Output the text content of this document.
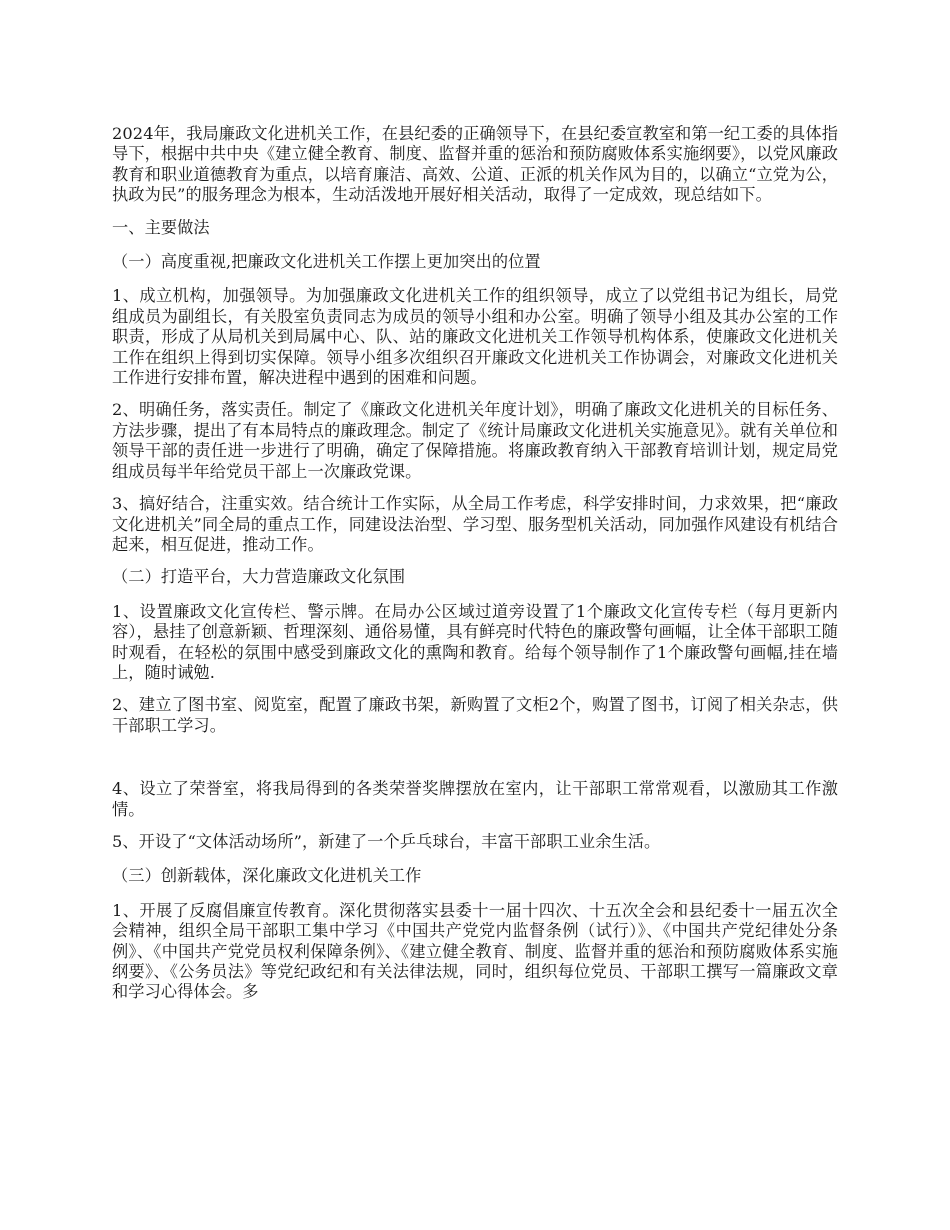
2024年，我局廉政文化进机关工作，在县纪委的正确领导下，在县纪委宣教室和第一纪工委的具体指导下，根据中共中央《建立健全教育、制度、监督并重的惩治和预防腐败体系实施纲要》，以党风廉政教育和职业道德教育为重点，以培育廉洁、高效、公道、正派的机关作风为目的，以确立“立党为公，执政为民”的服务理念为根本，生动活泼地开展好相关活动，取得了一定成效，现总结如下。

一、主要做法

（一）高度重视,把廉政文化进机关工作摆上更加突出的位置

1、成立机构，加强领导。为加强廉政文化进机关工作的组织领导，成立了以党组书记为组长，局党组成员为副组长，有关股室负责同志为成员的领导小组和办公室。明确了领导小组及其办公室的工作职责，形成了从局机关到局属中心、队、站的廉政文化进机关工作领导机构体系，使廉政文化进机关工作在组织上得到切实保障。领导小组多次组织召开廉政文化进机关工作协调会，对廉政文化进机关工作进行安排布置，解决进程中遇到的困难和问题。

2、明确任务，落实责任。制定了《廉政文化进机关年度计划》，明确了廉政文化进机关的目标任务、方法步骤，提出了有本局特点的廉政理念。制定了《统计局廉政文化进机关实施意见》。就有关单位和领导干部的责任进一步进行了明确，确定了保障措施。将廉政教育纳入干部教育培训计划，规定局党组成员每半年给党员干部上一次廉政党课。

3、搞好结合，注重实效。结合统计工作实际，从全局工作考虑，科学安排时间，力求效果，把“廉政文化进机关”同全局的重点工作，同建设法治型、学习型、服务型机关活动，同加强作风建设有机结合起来，相互促进，推动工作。

（二）打造平台，大力营造廉政文化氛围

1、设置廉政文化宣传栏、警示牌。在局办公区域过道旁设置了1个廉政文化宣传专栏（每月更新内容），悬挂了创意新颖、哲理深刻、通俗易懂，具有鲜亮时代特色的廉政警句画幅，让全体干部职工随时观看，在轻松的氛围中感受到廉政文化的熏陶和教育。给每个领导制作了1个廉政警句画幅,挂在墙上，随时诫勉.

2、建立了图书室、阅览室，配置了廉政书架，新购置了文柜2个，购置了图书，订阅了相关杂志，供干部职工学习。

4、设立了荣誉室，将我局得到的各类荣誉奖牌摆放在室内，让干部职工常常观看，以激励其工作激情。

5、开设了“文体活动场所”，新建了一个乒乓球台，丰富干部职工业余生活。

（三）创新载体，深化廉政文化进机关工作

1、开展了反腐倡廉宣传教育。深化贯彻落实县委十一届十四次、十五次全会和县纪委十一届五次全会精神，组织全局干部职工集中学习《中国共产党党内监督条例（试行）》、《中国共产党纪律处分条例》、《中国共产党党员权利保障条例》、《建立健全教育、制度、监督并重的惩治和预防腐败体系实施纲要》、《公务员法》等党纪政纪和有关法律法规，同时，组织每位党员、干部职工撰写一篇廉政文章和学习心得体会。多
